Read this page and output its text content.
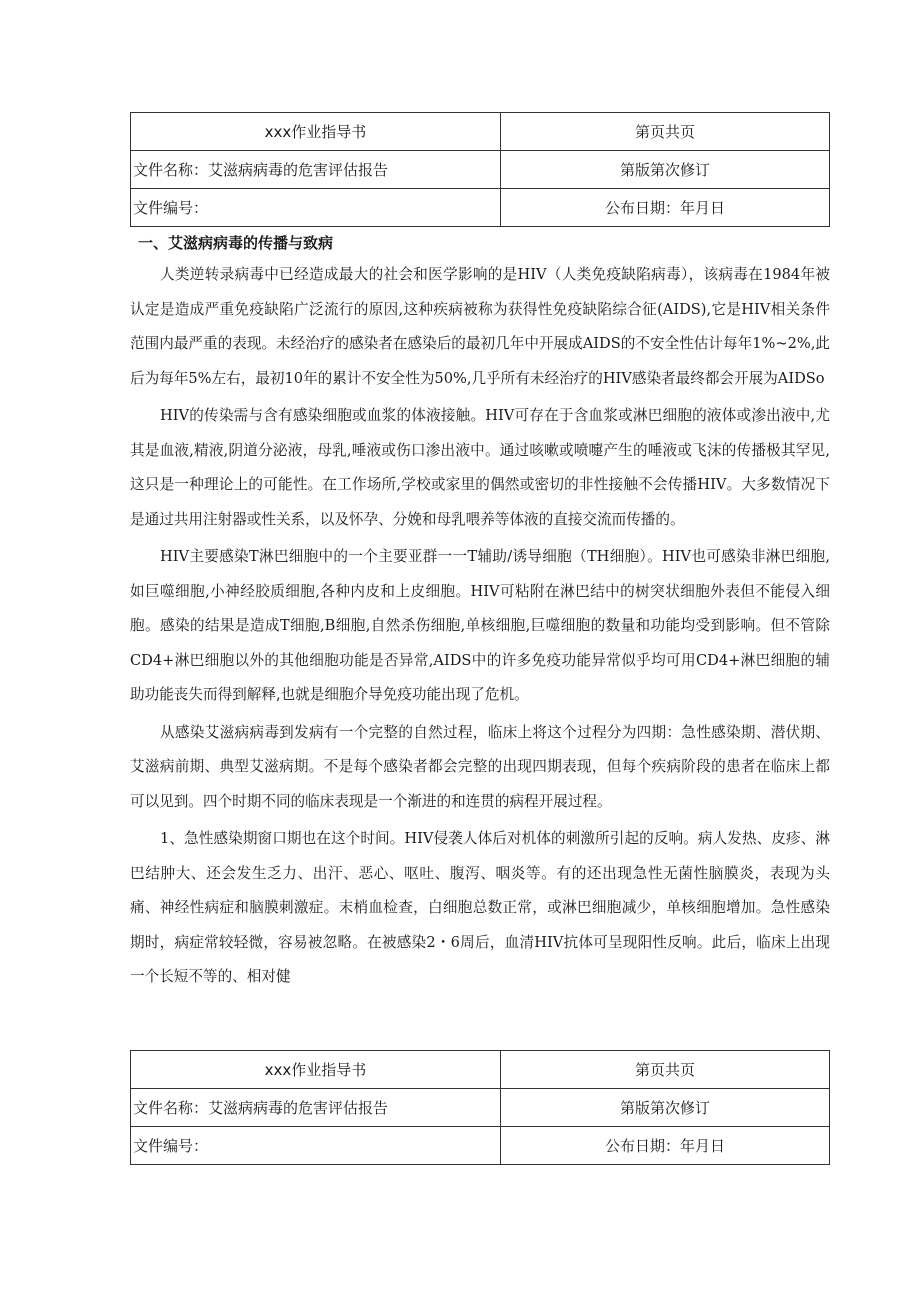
xxx作业指导书	第页共页
文件名称：艾滋病病毒的危害评估报告	第版第次修订
文件编号：	公布日期：年月日
一、艾滋病病毒的传播与致病

人类逆转录病毒中已经造成最大的社会和医学影响的是HIV（人类免疫缺陷病毒），该病毒在1984年被认定是造成严重免疫缺陷广泛流行的原因,这种疾病被称为获得性免疫缺陷综合征(AIDS),它是HIV相关条件范围内最严重的表现。未经治疗的感染者在感染后的最初几年中开展成AIDS的不安全性估计每年1%~2%,此后为每年5%左右，最初10年的累计不安全性为50%,几乎所有未经治疗的HIV感染者最终都会开展为AIDSo

HIV的传染需与含有感染细胞或血浆的体液接触。HIV可存在于含血浆或淋巴细胞的液体或渗出液中,尤其是血液,精液,阴道分泌液，母乳,唾液或伤口渗出液中。通过咳嗽或喷嚏产生的唾液或飞沫的传播极其罕见,这只是一种理论上的可能性。在工作场所,学校或家里的偶然或密切的非性接触不会传播HIV。大多数情况下是通过共用注射器或性关系，以及怀孕、分娩和母乳喂养等体液的直接交流而传播的。

HIV主要感染T淋巴细胞中的一个主要亚群一一T辅助/诱导细胞（TH细胞）。HIV也可感染非淋巴细胞,如巨噬细胞,小神经胶质细胞,各种内皮和上皮细胞。HIV可粘附在淋巴结中的树突状细胞外表但不能侵入细胞。感染的结果是造成T细胞,B细胞,自然杀伤细胞,单核细胞,巨噬细胞的数量和功能均受到影响。但不管除CD4+淋巴细胞以外的其他细胞功能是否异常,AIDS中的许多免疫功能异常似乎均可用CD4+淋巴细胞的辅助功能丧失而得到解释,也就是细胞介导免疫功能出现了危机。

从感染艾滋病病毒到发病有一个完整的自然过程，临床上将这个过程分为四期：急性感染期、潜伏期、艾滋病前期、典型艾滋病期。不是每个感染者都会完整的出现四期表现，但每个疾病阶段的患者在临床上都可以见到。四个时期不同的临床表现是一个渐进的和连贯的病程开展过程。

1、急性感染期窗口期也在这个时间。HIV侵袭人体后对机体的刺激所引起的反响。病人发热、皮疹、淋巴结肿大、还会发生乏力、出汗、恶心、呕吐、腹泻、咽炎等。有的还出现急性无菌性脑膜炎，表现为头痛、神经性病症和脑膜刺激症。末梢血检查，白细胞总数正常，或淋巴细胞减少，单核细胞增加。急性感染期时，病症常较轻微，容易被忽略。在被感染2・6周后，血清HIV抗体可呈现阳性反响。此后，临床上出现一个长短不等的、相对健

xxx作业指导书	第页共页
文件名称：艾滋病病毒的危害评估报告	第版第次修订
文件编号：	公布日期：年月日
